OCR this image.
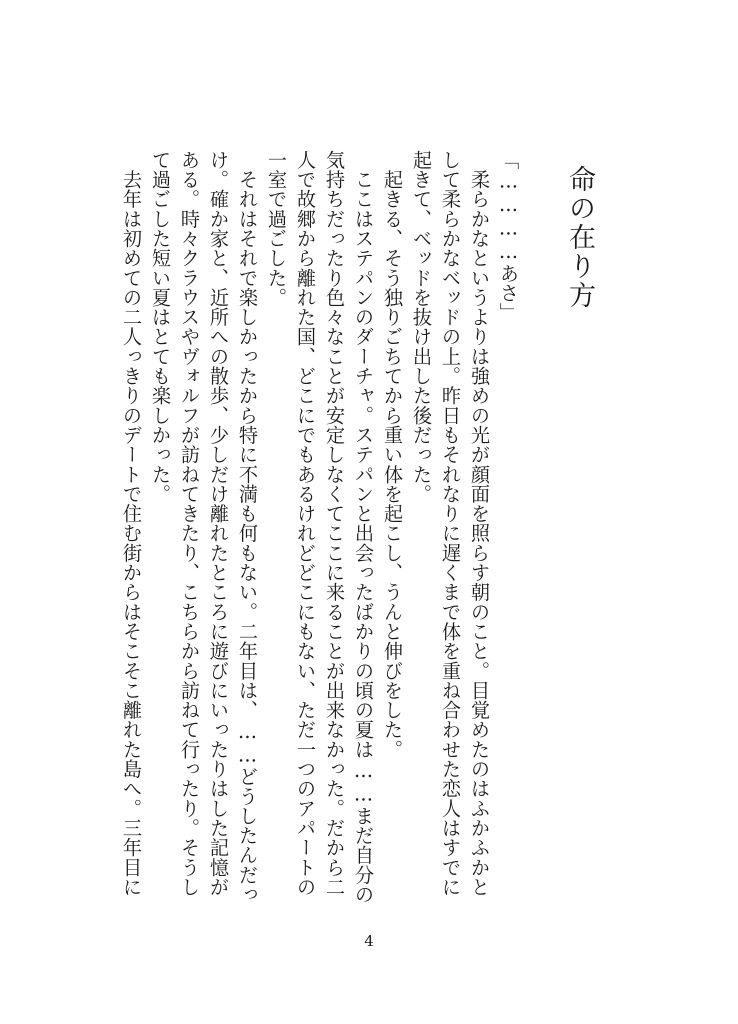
命の在り方

「…………あさ」

　柔らかなというよりは強めの光が顔面を照らす朝のこと。目覚めたのはふかふかとして柔らかなベッドの上。昨日もそれなりに遅くまで体を重ね合わせた恋人はすでに起きて、ベッドを抜け出した後だった。

　起きる、そう独りごちてから重い体を起こし、うんと伸びをした。

　ここはステパンのダーチャ。ステパンと出会ったばかりの頃の夏は……まだ自分の気持ちだったり色々なことが安定しなくてここに来ることが出来なかった。だから二人で故郷から離れた国、どこにでもあるけれどどこにもない、ただ一つのアパートの一室で過ごした。

　それはそれで楽しかったから特に不満も何もない。二年目は、……どうしたんだっけ。確か家と、近所への散歩、少しだけ離れたところに遊びにいったりはした記憶がある。時々クラウスやヴォルフが訪ねてきたり、こちらから訪ねて行ったり。そうして過ごした短い夏はとても楽しかった。

　去年は初めての二人っきりのデートで住む街からはそこそこ離れた島へ。三年目に

4
